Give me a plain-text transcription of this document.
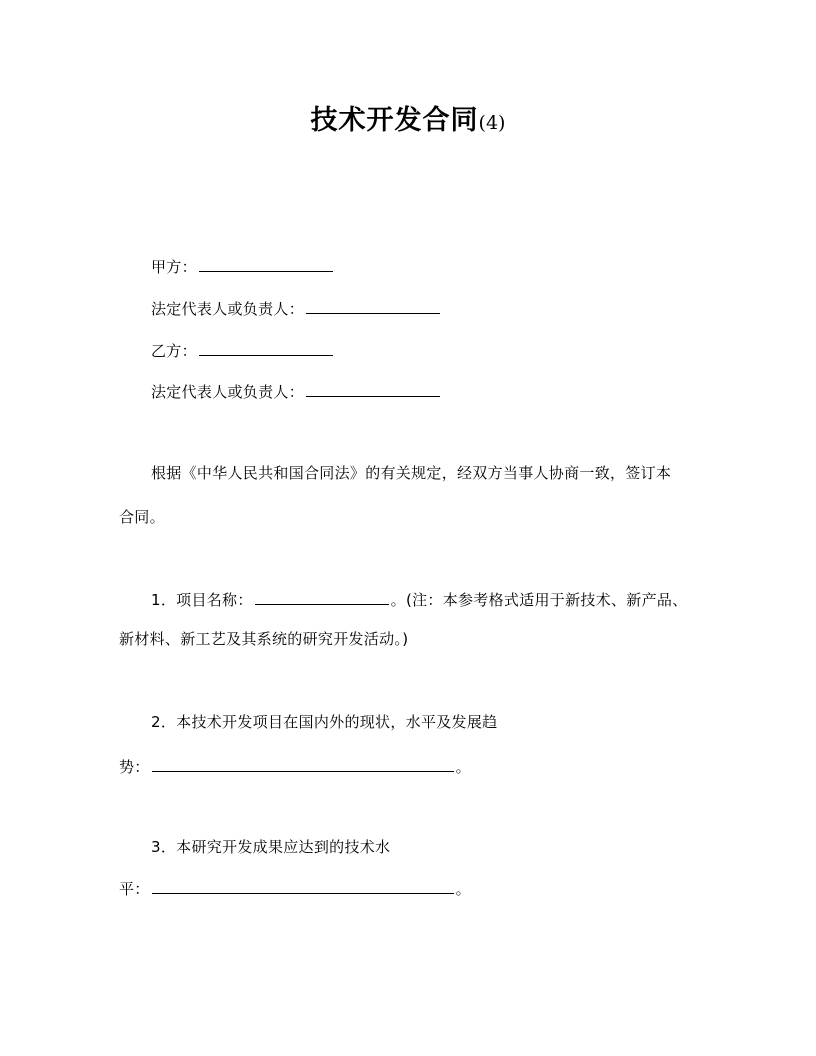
技术开发合同(4)
甲方：
法定代表人或负责人：
乙方：
法定代表人或负责人：
根据《中华人民共和国合同法》的有关规定，经双方当事人协商一致，签订本
合同。
1．项目名称：	。(注：本参考格式适用于新技术、新产品、
新材料、新工艺及其系统的研究开发活动。)
2．本技术开发项目在国内外的现状，水平及发展趋
势：	。
3．本研究开发成果应达到的技术水
平：	。
